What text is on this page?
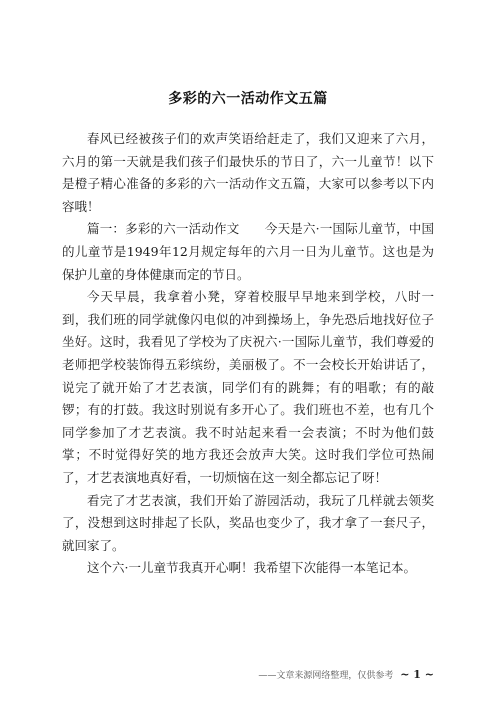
多彩的六一活动作文五篇

春风已经被孩子们的欢声笑语给赶走了，我们又迎来了六月，六月的第一天就是我们孩子们最快乐的节日了，六一儿童节！以下是橙子精心准备的多彩的六一活动作文五篇，大家可以参考以下内容哦！

篇一：多彩的六一活动作文　　今天是六·一国际儿童节，中国的儿童节是1949年12月规定每年的六月一日为儿童节。这也是为保护儿童的身体健康而定的节日。

今天早晨，我拿着小凳，穿着校服早早地来到学校，八时一到，我们班的同学就像闪电似的冲到操场上，争先恐后地找好位子坐好。这时，我看见了学校为了庆祝六·一国际儿童节，我们尊爱的老师把学校装饰得五彩缤纷，美丽极了。不一会校长开始讲话了，说完了就开始了才艺表演，同学们有的跳舞；有的唱歌；有的敲锣；有的打鼓。我这时别说有多开心了。我们班也不差，也有几个同学参加了才艺表演。我不时站起来看一会表演；不时为他们鼓掌；不时觉得好笑的地方我还会放声大笑。这时我们学位可热闹了，才艺表演地真好看，一切烦恼在这一刻全都忘记了呀！

看完了才艺表演，我们开始了游园活动，我玩了几样就去领奖了，没想到这时排起了长队，奖品也变少了，我才拿了一套尺子，就回家了。

这个六·一儿童节我真开心啊！我希望下次能得一本笔记本。

——文章来源网络整理，仅供参考 ~ 1 ~
